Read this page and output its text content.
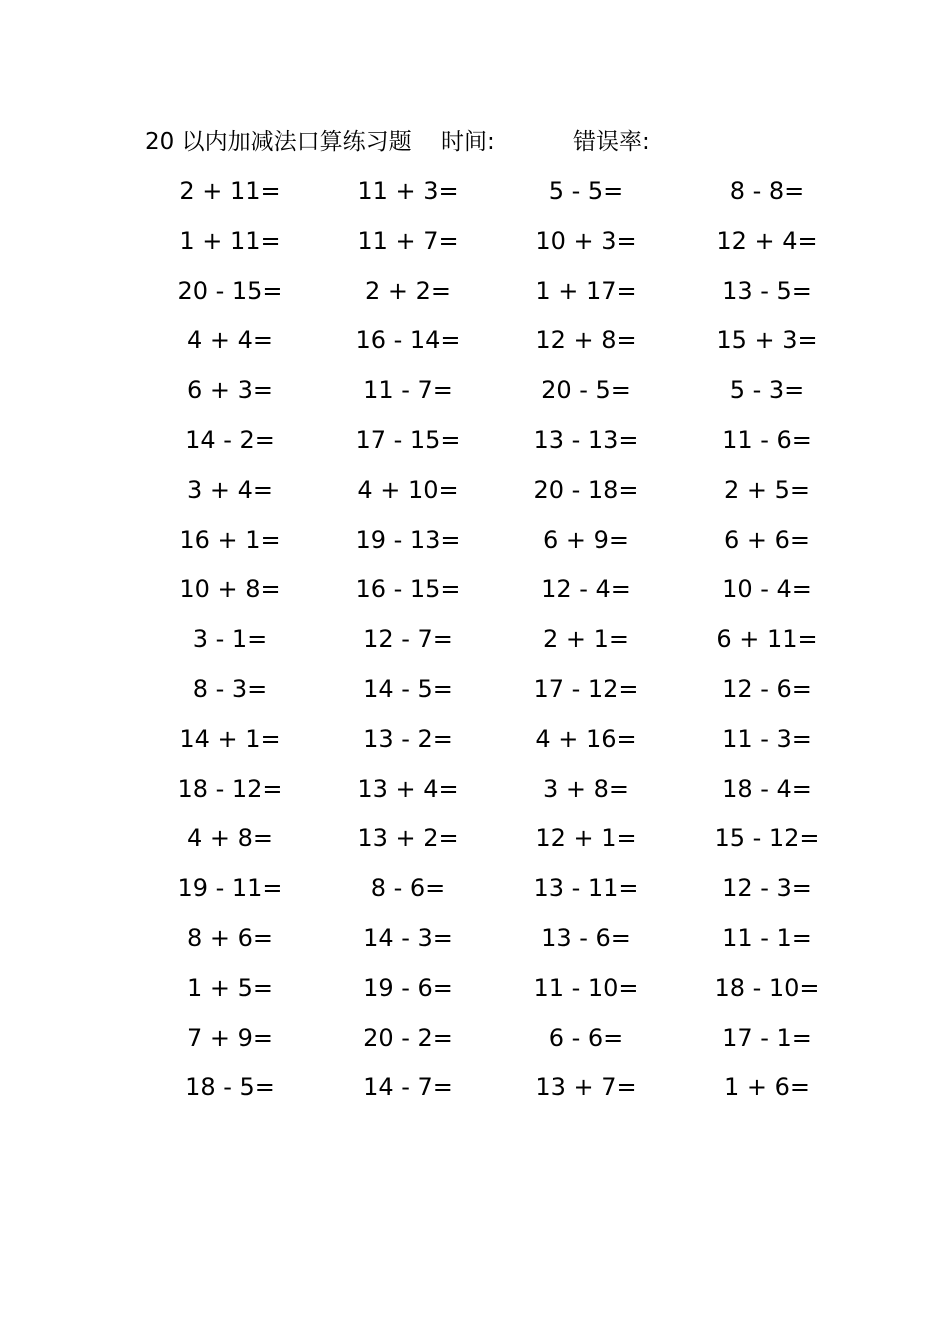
20 以内加减法口算练习题 时间:	错误率:
2 + 11=	11 + 3=	5 - 5=	8 - 8=
1 + 11=	11 + 7=	10 + 3=	12 + 4=
20 - 15=	2 + 2=	1 + 17=	13 - 5=
4 + 4=	16 - 14=	12 + 8=	15 + 3=
6 + 3=	11 - 7=	20 - 5=	5 - 3=
14 - 2=	17 - 15=	13 - 13=	11 - 6=
3 + 4=	4 + 10=	20 - 18=	2 + 5=
16 + 1=	19 - 13=	6 + 9=	6 + 6=
10 + 8=	16 - 15=	12 - 4=	10 - 4=
3 - 1=	12 - 7=	2 + 1=	6 + 11=
8 - 3=	14 - 5=	17 - 12=	12 - 6=
14 + 1=	13 - 2=	4 + 16=	11 - 3=
18 - 12=	13 + 4=	3 + 8=	18 - 4=
4 + 8=	13 + 2=	12 + 1=	15 - 12=
19 - 11=	8 - 6=	13 - 11=	12 - 3=
8 + 6=	14 - 3=	13 - 6=	11 - 1=
1 + 5=	19 - 6=	11 - 10=	18 - 10=
7 + 9=	20 - 2=	6 - 6=	17 - 1=
18 - 5=	14 - 7=	13 + 7=	1 + 6=
